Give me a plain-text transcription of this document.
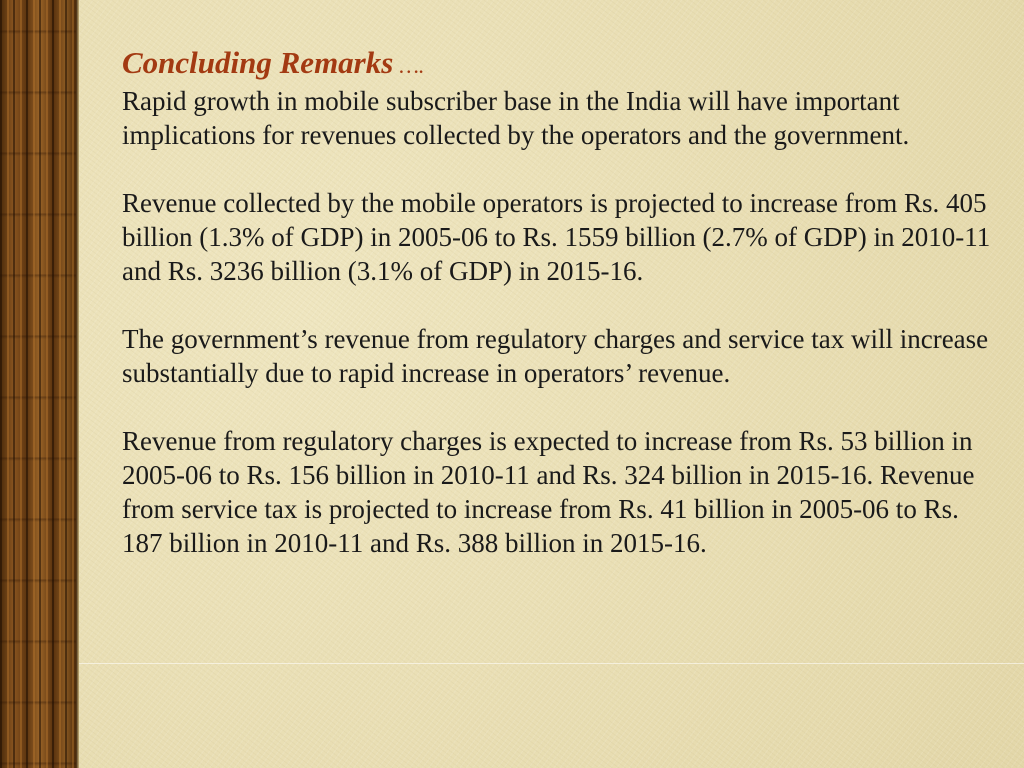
Concluding Remarks ….

Rapid growth in mobile subscriber base in the India will have important implications for revenues collected by the operators and the government.

Revenue collected by the mobile operators is projected to increase from Rs. 405 billion (1.3% of GDP) in 2005-06 to Rs. 1559 billion (2.7% of GDP) in 2010-11 and Rs. 3236 billion (3.1% of GDP) in 2015-16.

The government’s revenue from regulatory charges and service tax will increase substantially due to rapid increase in operators’ revenue.

Revenue from regulatory charges is expected to increase from Rs. 53 billion in 2005-06 to Rs. 156 billion in 2010-11 and Rs. 324 billion in 2015-16. Revenue from service tax is projected to increase from Rs. 41 billion in 2005-06 to Rs. 187 billion in 2010-11 and Rs. 388 billion in 2015-16.
